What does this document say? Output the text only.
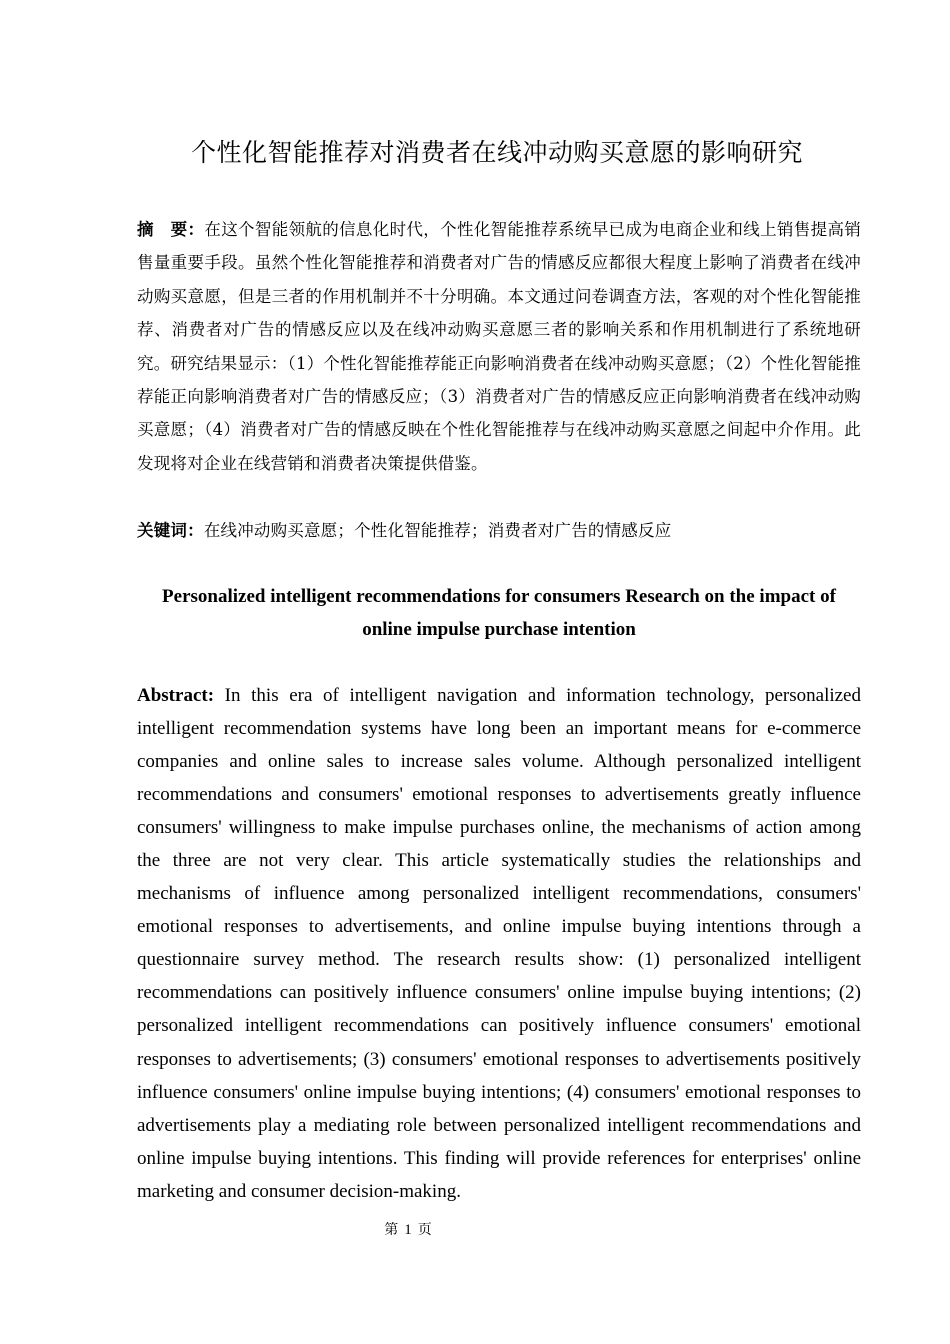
个性化智能推荐对消费者在线冲动购买意愿的影响研究

摘　要：在这个智能领航的信息化时代，个性化智能推荐系统早已成为电商企业和线上销售提高销售量重要手段。虽然个性化智能推荐和消费者对广告的情感反应都很大程度上影响了消费者在线冲动购买意愿，但是三者的作用机制并不十分明确。本文通过问卷调查方法，客观的对个性化智能推荐、消费者对广告的情感反应以及在线冲动购买意愿三者的影响关系和作用机制进行了系统地研究。研究结果显示：（1）个性化智能推荐能正向影响消费者在线冲动购买意愿；（2）个性化智能推荐能正向影响消费者对广告的情感反应；（3）消费者对广告的情感反应正向影响消费者在线冲动购买意愿；（4）消费者对广告的情感反映在个性化智能推荐与在线冲动购买意愿之间起中介作用。此发现将对企业在线营销和消费者决策提供借鉴。

关键词：在线冲动购买意愿；个性化智能推荐；消费者对广告的情感反应

Personalized intelligent recommendations for consumers Research on the impact of online impulse purchase intention

Abstract: In this era of intelligent navigation and information technology, personalized intelligent recommendation systems have long been an important means for e-commerce companies and online sales to increase sales volume. Although personalized intelligent recommendations and consumers' emotional responses to advertisements greatly influence consumers' willingness to make impulse purchases online, the mechanisms of action among the three are not very clear. This article systematically studies the relationships and mechanisms of influence among personalized intelligent recommendations, consumers' emotional responses to advertisements, and online impulse buying intentions through a questionnaire survey method. The research results show: (1) personalized intelligent recommendations can positively influence consumers' online impulse buying intentions; (2) personalized intelligent recommendations can positively influence consumers' emotional responses to advertisements; (3) consumers' emotional responses to advertisements positively influence consumers' online impulse buying intentions; (4) consumers' emotional responses to advertisements play a mediating role between personalized intelligent recommendations and online impulse buying intentions. This finding will provide references for enterprises' online marketing and consumer decision-making.

第 1 页
